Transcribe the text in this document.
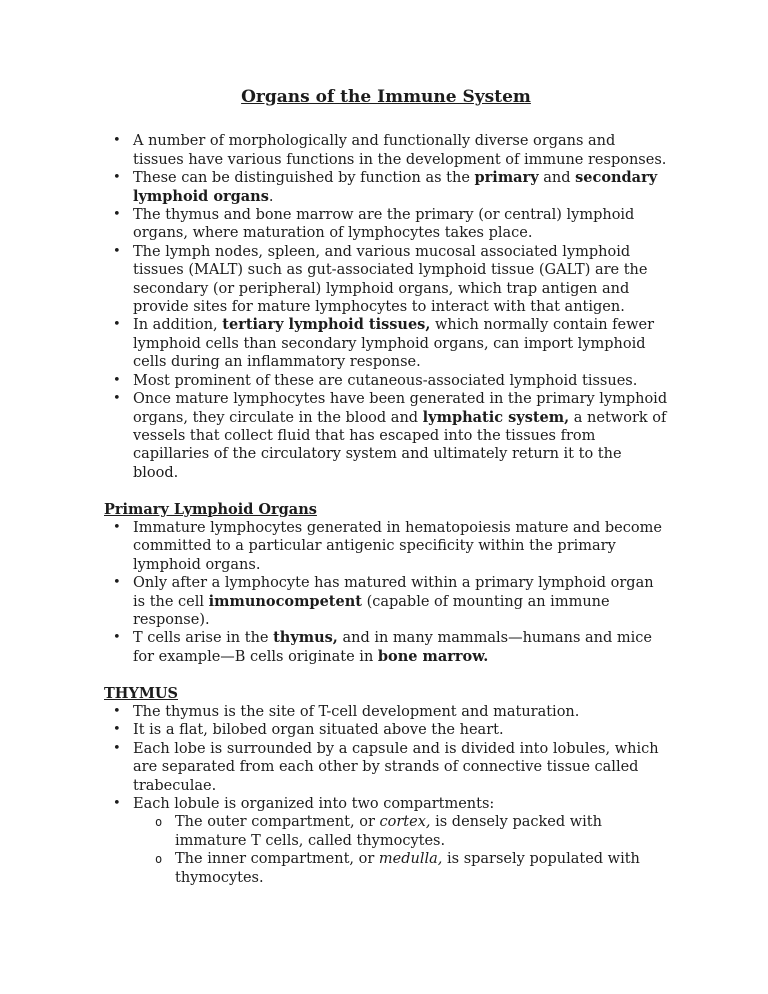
Organs of the Immune System
• A number of morphologically and functionally diverse organs and tissues have various functions in the development of immune responses.
• These can be distinguished by function as the primary and secondary lymphoid organs.
• The thymus and bone marrow are the primary (or central) lymphoid organs, where maturation of lymphocytes takes place.
• The lymph nodes, spleen, and various mucosal associated lymphoid tissues (MALT) such as gut-associated lymphoid tissue (GALT) are the secondary (or peripheral) lymphoid organs, which trap antigen and provide sites for mature lymphocytes to interact with that antigen.
• In addition, tertiary lymphoid tissues, which normally contain fewer lymphoid cells than secondary lymphoid organs, can import lymphoid cells during an inflammatory response.
• Most prominent of these are cutaneous-associated lymphoid tissues.
• Once mature lymphocytes have been generated in the primary lymphoid organs, they circulate in the blood and lymphatic system, a network of vessels that collect fluid that has escaped into the tissues from capillaries of the circulatory system and ultimately return it to the blood.
Primary Lymphoid Organs
• Immature lymphocytes generated in hematopoiesis mature and become committed to a particular antigenic specificity within the primary lymphoid organs.
• Only after a lymphocyte has matured within a primary lymphoid organ is the cell immunocompetent (capable of mounting an immune response).
• T cells arise in the thymus, and in many mammals—humans and mice for example—B cells originate in bone marrow.
THYMUS
• The thymus is the site of T-cell development and maturation.
• It is a flat, bilobed organ situated above the heart.
• Each lobe is surrounded by a capsule and is divided into lobules, which are separated from each other by strands of connective tissue called trabeculae.
• Each lobule is organized into two compartments:
o The outer compartment, or cortex, is densely packed with immature T cells, called thymocytes.
o The inner compartment, or medulla, is sparsely populated with thymocytes.
